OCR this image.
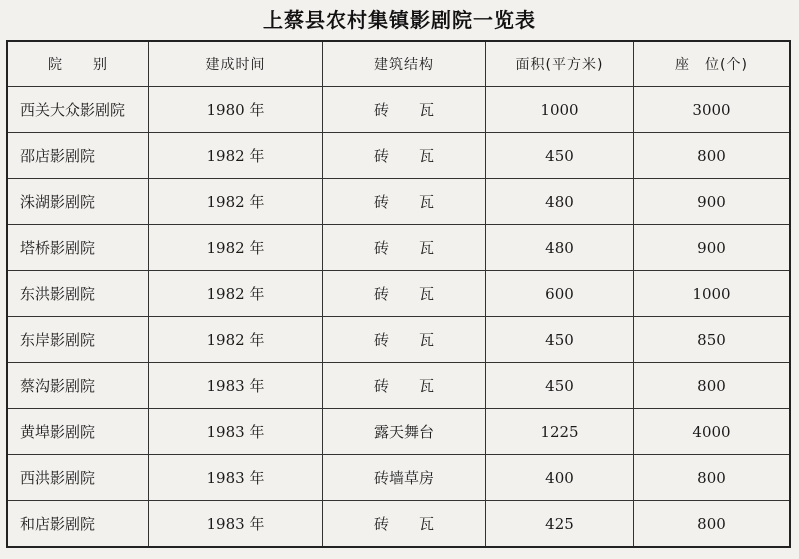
上蔡县农村集镇影剧院一览表
院　　别	建成时间	建筑结构	面积(平方米)	座　位(个)
西关大众影剧院	1980 年	砖　　瓦	1000	3000
邵店影剧院	1982 年	砖　　瓦	450	800
洙湖影剧院	1982 年	砖　　瓦	480	900
塔桥影剧院	1982 年	砖　　瓦	480	900
东洪影剧院	1982 年	砖　　瓦	600	1000
东岸影剧院	1982 年	砖　　瓦	450	850
蔡沟影剧院	1983 年	砖　　瓦	450	800
黄埠影剧院	1983 年	露天舞台	1225	4000
西洪影剧院	1983 年	砖墙草房	400	800
和店影剧院	1983 年	砖　　瓦	425	800
